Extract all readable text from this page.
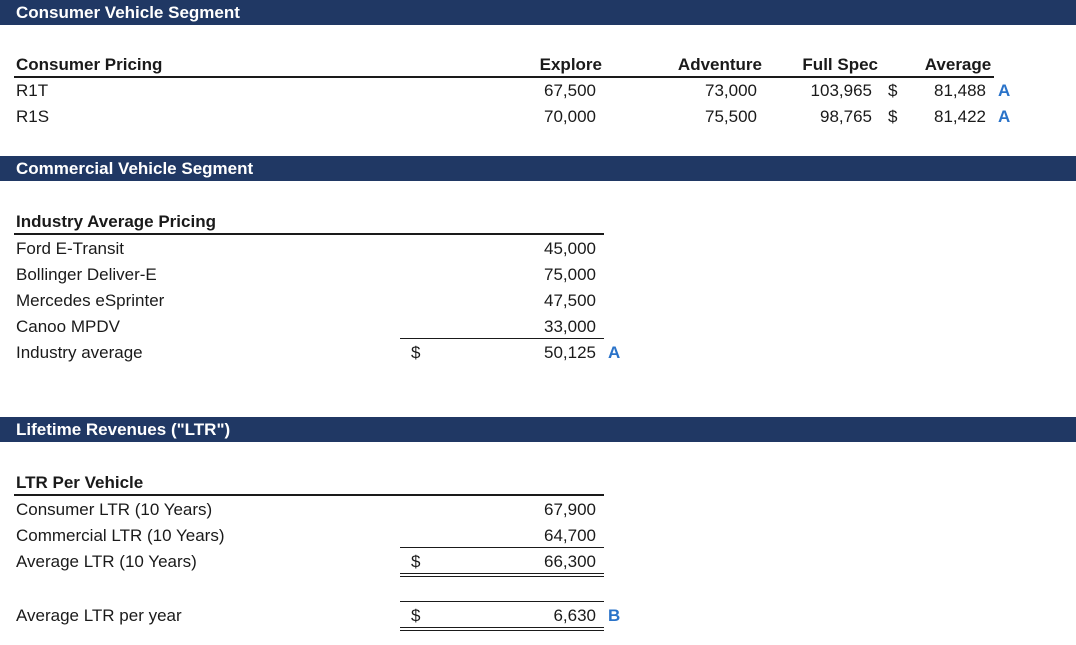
Consumer Vehicle Segment
Consumer Pricing	Explore	Adventure	Full Spec	Average
R1T	67,500	73,000	103,965 $	81,488 A
R1S	70,000	75,500	98,765 $	81,422 A
Commercial Vehicle Segment
Industry Average Pricing
Ford E-Transit	45,000
Bollinger Deliver-E	75,000
Mercedes eSprinter	47,500
Canoo MPDV	33,000
Industry average	$	50,125 A
Lifetime Revenues ("LTR")
LTR Per Vehicle
Consumer LTR (10 Years)	67,900
Commercial LTR (10 Years)	64,700
Average LTR (10 Years)	$	66,300
Average LTR per year	$	6,630 B
